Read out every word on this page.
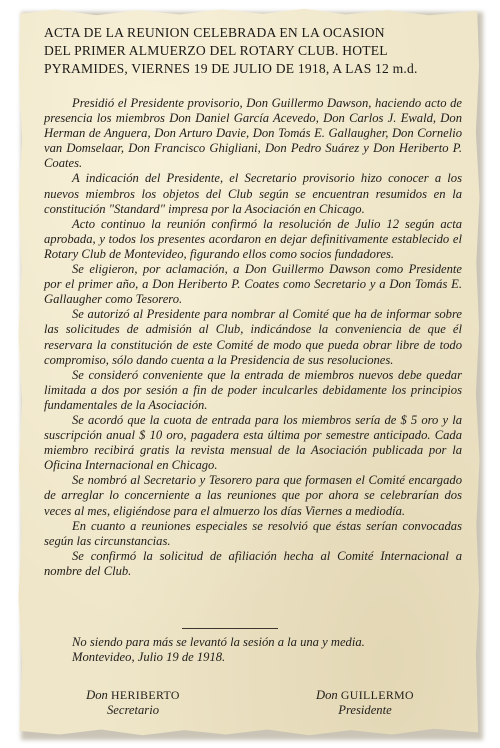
ACTA DE LA REUNION CELEBRADA EN LA OCASION
DEL PRIMER ALMUERZO DEL ROTARY CLUB. HOTEL
PYRAMIDES, VIERNES 19 DE JULIO DE 1918, A LAS 12 m.d.

Presidió el Presidente provisorio, Don Guillermo Dawson, haciendo acto de presencia los miembros Don Daniel García Acevedo, Don Carlos J. Ewald, Don Herman de Anguera, Don Arturo Davie, Don Tomás E. Gallaugher, Don Cornelio van Domselaar, Don Francisco Ghigliani, Don Pedro Suárez y Don Heriberto P. Coates.

A indicación del Presidente, el Secretario provisorio hizo conocer a los nuevos miembros los objetos del Club según se encuentran resumidos en la constitución "Standard" impresa por la Asociación en Chicago.

Acto continuo la reunión confirmó la resolución de Julio 12 según acta aprobada, y todos los presentes acordaron en dejar definitivamente establecido el Rotary Club de Montevideo, figurando ellos como socios fundadores.

Se eligieron, por aclamación, a Don Guillermo Dawson como Presidente por el primer año, a Don Heriberto P. Coates como Secretario y a Don Tomás E. Gallaugher como Tesorero.

Se autorizó al Presidente para nombrar al Comité que ha de informar sobre las solicitudes de admisión al Club, indicándose la conveniencia de que él reservara la constitución de este Comité de modo que pueda obrar libre de todo compromiso, sólo dando cuenta a la Presidencia de sus resoluciones.

Se consideró conveniente que la entrada de miembros nuevos debe quedar limitada a dos por sesión a fin de poder inculcarles debidamente los principios fundamentales de la Asociación.

Se acordó que la cuota de entrada para los miembros sería de $ 5 oro y la suscripción anual $ 10 oro, pagadera esta última por semestre anticipado. Cada miembro recibirá gratis la revista mensual de la Asociación publicada por la Oficina Internacional en Chicago.

Se nombró al Secretario y Tesorero para que formasen el Comité encargado de arreglar lo concerniente a las reuniones que por ahora se celebrarían dos veces al mes, eligiéndose para el almuerzo los días Viernes a mediodía.

En cuanto a reuniones especiales se resolvió que éstas serían convocadas según las circunstancias.

Se confirmó la solicitud de afiliación hecha al Comité Internacional a nombre del Club.

No siendo para más se levantó la sesión a la una y media.

Montevideo, Julio 19 de 1918.

Don HERIBERTO
Secretario
Don GUILLERMO
Presidente
